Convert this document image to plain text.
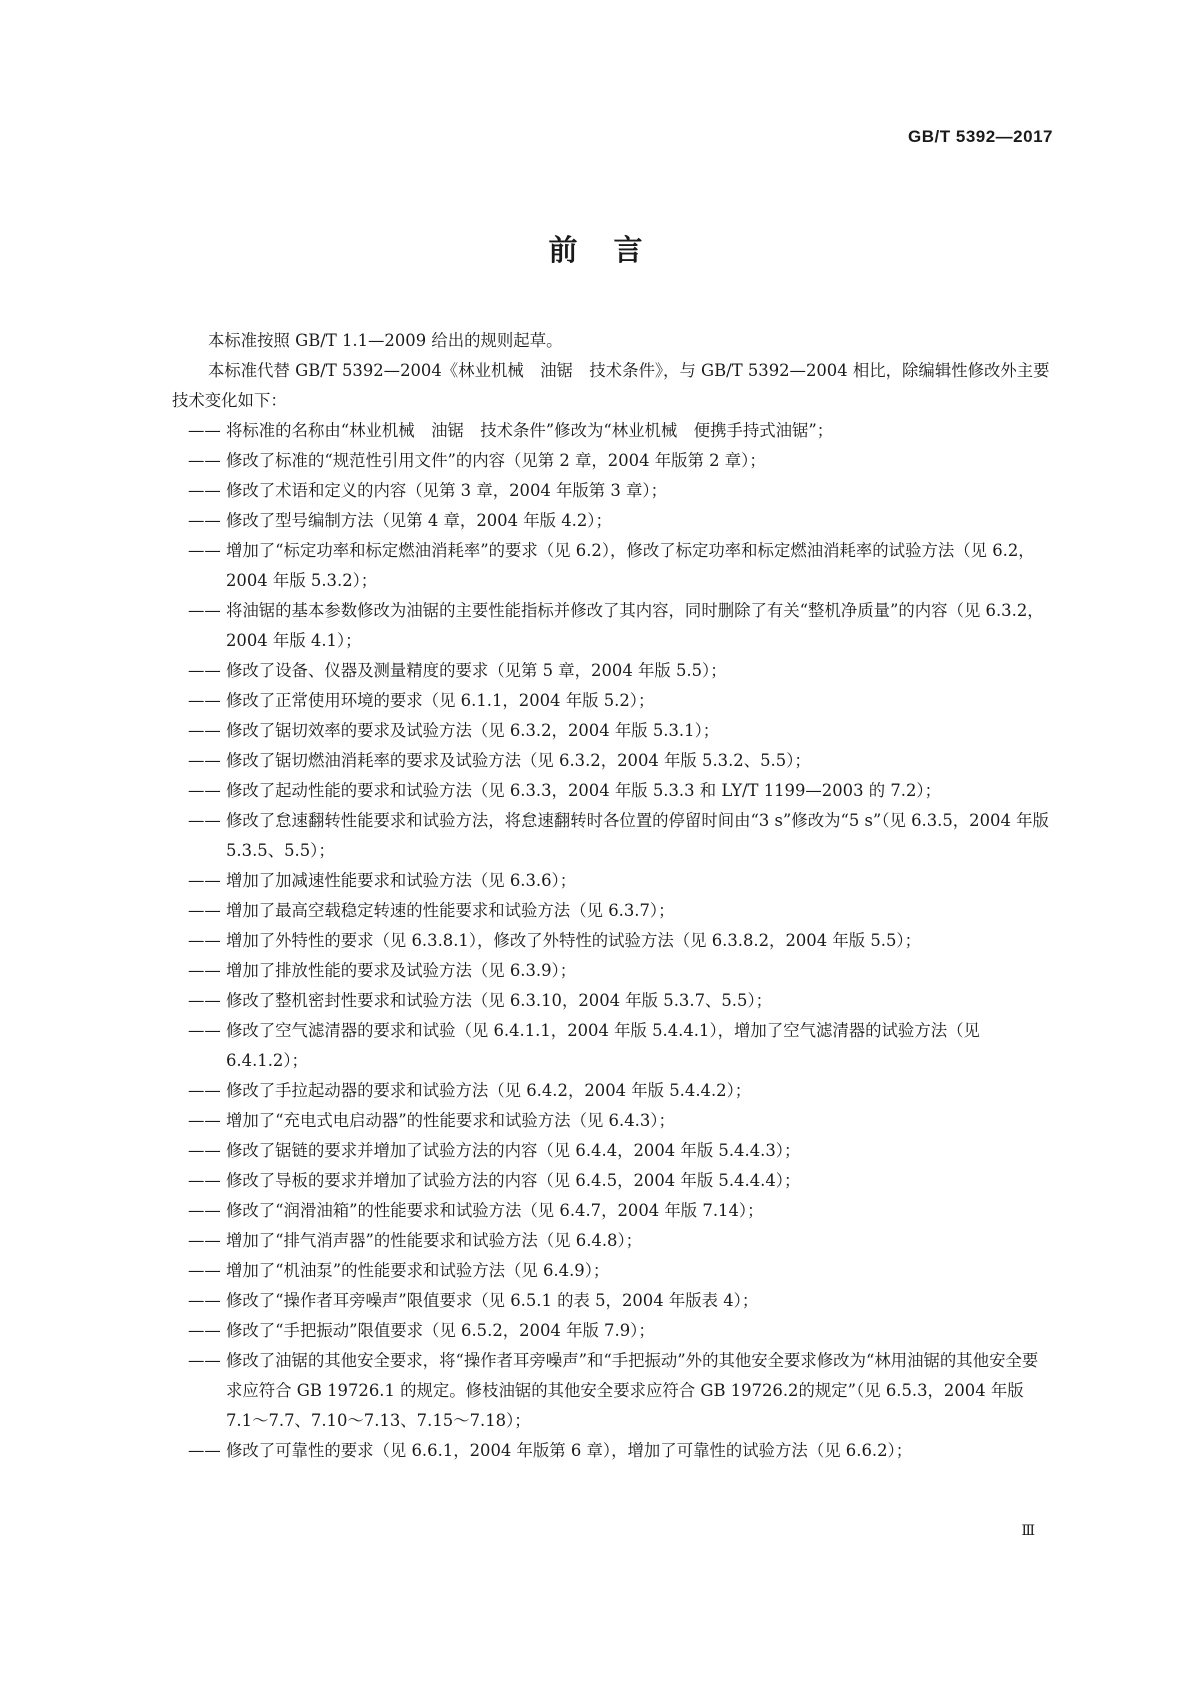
GB/T 5392—2017
前言

本标准按照 GB/T 1.1—2009 给出的规则起草。

本标准代替 GB/T 5392—2004《林业机械　油锯　技术条件》，与 GB/T 5392—2004 相比，除编辑性修改外主要技术变化如下：

—— 将标准的名称由“林业机械　油锯　技术条件”修改为“林业机械　便携手持式油锯”；
—— 修改了标准的“规范性引用文件”的内容（见第 2 章，2004 年版第 2 章）；
—— 修改了术语和定义的内容（见第 3 章，2004 年版第 3 章）；
—— 修改了型号编制方法（见第 4 章，2004 年版 4.2）；
—— 增加了“标定功率和标定燃油消耗率”的要求（见 6.2），修改了标定功率和标定燃油消耗率的试验方法（见 6.2，2004 年版 5.3.2）；
—— 将油锯的基本参数修改为油锯的主要性能指标并修改了其内容，同时删除了有关“整机净质量”的内容（见 6.3.2，2004 年版 4.1）；
—— 修改了设备、仪器及测量精度的要求（见第 5 章，2004 年版 5.5）；
—— 修改了正常使用环境的要求（见 6.1.1，2004 年版 5.2）；
—— 修改了锯切效率的要求及试验方法（见 6.3.2，2004 年版 5.3.1）；
—— 修改了锯切燃油消耗率的要求及试验方法（见 6.3.2，2004 年版 5.3.2、5.5）；
—— 修改了起动性能的要求和试验方法（见 6.3.3，2004 年版 5.3.3 和 LY/T 1199—2003 的 7.2）；
—— 修改了怠速翻转性能要求和试验方法，将怠速翻转时各位置的停留时间由“3 s”修改为“5 s”（见 6.3.5，2004 年版 5.3.5、5.5）；
—— 增加了加减速性能要求和试验方法（见 6.3.6）；
—— 增加了最高空载稳定转速的性能要求和试验方法（见 6.3.7）；
—— 增加了外特性的要求（见 6.3.8.1），修改了外特性的试验方法（见 6.3.8.2，2004 年版 5.5）；
—— 增加了排放性能的要求及试验方法（见 6.3.9）；
—— 修改了整机密封性要求和试验方法（见 6.3.10，2004 年版 5.3.7、5.5）；
—— 修改了空气滤清器的要求和试验（见 6.4.1.1，2004 年版 5.4.4.1），增加了空气滤清器的试验方法（见 6.4.1.2）；
—— 修改了手拉起动器的要求和试验方法（见 6.4.2，2004 年版 5.4.4.2）；
—— 增加了“充电式电启动器”的性能要求和试验方法（见 6.4.3）；
—— 修改了锯链的要求并增加了试验方法的内容（见 6.4.4，2004 年版 5.4.4.3）；
—— 修改了导板的要求并增加了试验方法的内容（见 6.4.5，2004 年版 5.4.4.4）；
—— 修改了“润滑油箱”的性能要求和试验方法（见 6.4.7，2004 年版 7.14）；
—— 增加了“排气消声器”的性能要求和试验方法（见 6.4.8）；
—— 增加了“机油泵”的性能要求和试验方法（见 6.4.9）；
—— 修改了“操作者耳旁噪声”限值要求（见 6.5.1 的表 5，2004 年版表 4）；
—— 修改了“手把振动”限值要求（见 6.5.2，2004 年版 7.9）；
—— 修改了油锯的其他安全要求，将“操作者耳旁噪声”和“手把振动”外的其他安全要求修改为“林用油锯的其他安全要求应符合 GB 19726.1 的规定。修枝油锯的其他安全要求应符合 GB 19726.2的规定”（见 6.5.3，2004 年版 7.1～7.7、7.10～7.13、7.15～7.18）；
—— 修改了可靠性的要求（见 6.6.1，2004 年版第 6 章），增加了可靠性的试验方法（见 6.6.2）；
Ⅲ
